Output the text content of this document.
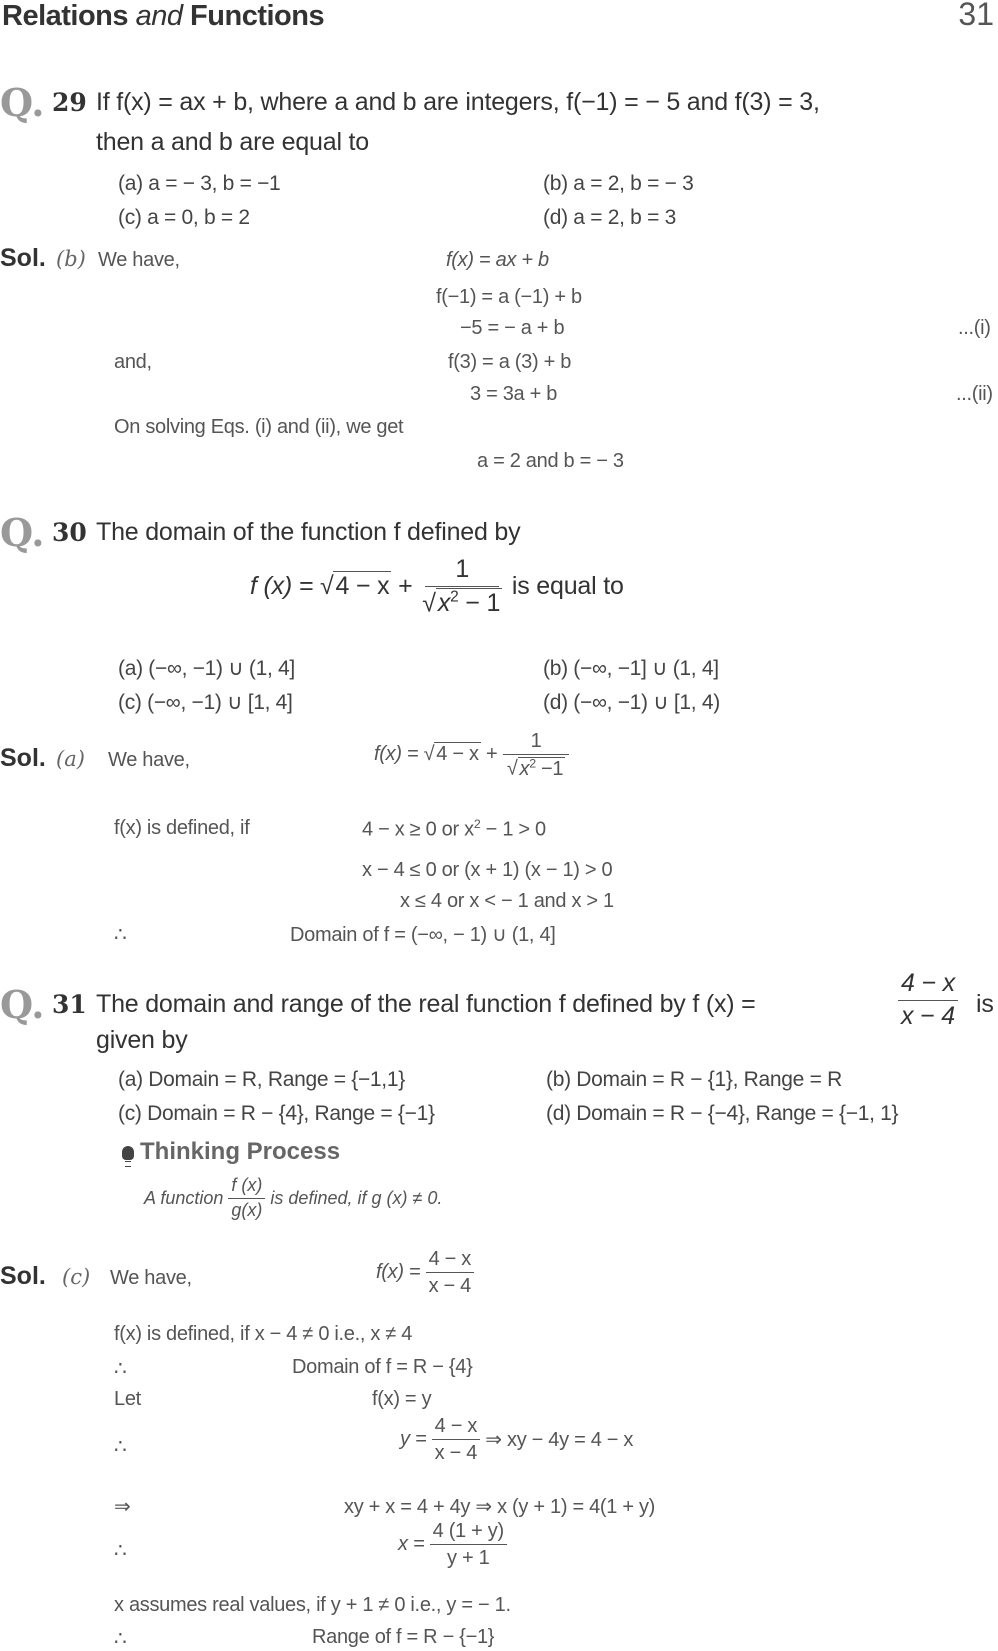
Relations and Functions	31
Q. 29 If f(x) = ax + b, where a and b are integers, f(−1) = − 5 and f(3) = 3,
then a and b are equal to
(a) a = − 3, b = −1	(b) a = 2, b = − 3
(c) a = 0, b = 2	(d) a = 2, b = 3
Sol. (b) We have,	f(x) = ax + b
f(−1) = a (−1) + b
−5 = − a + b	...(i)
and,	f(3) = a (3) + b
3 = 3a + b	...(ii)
On solving Eqs. (i) and (ii), we get
a = 2 and b = − 3
Q. 30 The domain of the function f defined by
f (x) =
√ 4 − x
+
$\frac{1}{√x^2 - 1}$
is equal to
(a) (−∞, −1) ∪ (1, 4]	(b) (−∞, −1] ∪ (1, 4]
(c) (−∞, −1) ∪ [1, 4]	(d) (−∞, −1) ∪ [1, 4)
Sol. (a) We have,	f(x) =
√ 4 − x
+
$\frac{1}{√ x^2 -1}$
f(x) is defined, if	4 − x ≥ 0 or $x^2 - 1 > 0$
x − 4 ≤ 0 or (x + 1) (x − 1) > 0
x ≤ 4 or x < − 1 and x > 1
∴	Domain of f = (−∞, − 1) ∪ (1, 4]
Q. 31 The domain and range of the real function f defined by f (x) =	$\frac{4 - x}{x - 4}$ is
given by
(a) Domain = R, Range = {−1,1}	(b) Domain = R − {1}, Range = R
(c) Domain = R − {4}, Range = {−1}	(d) Domain = R − {−4}, Range = {−1, 1}
Thinking Process
A function
$\frac{f (x)}{g(x)}$
is defined, if g (x) ≠ 0.
Sol. (c) We have,	f(x) =
$\frac{4 - x}{x - 4}$
f(x) is defined, if x − 4 ≠ 0 i.e., x ≠ 4
∴	Domain of f = R − {4}
Let	f(x) = y
∴	y =
$\frac{4 - x}{x - 4}$
⇒ xy − 4y = 4 − x
⇒	xy + x = 4 + 4y ⇒ x (y + 1) = 4(1 + y)
∴	x =
$\frac{4 (1 + y)}{y + 1}$
x assumes real values, if y + 1 ≠ 0 i.e., y = − 1.
∴	Range of f = R − {−1}
